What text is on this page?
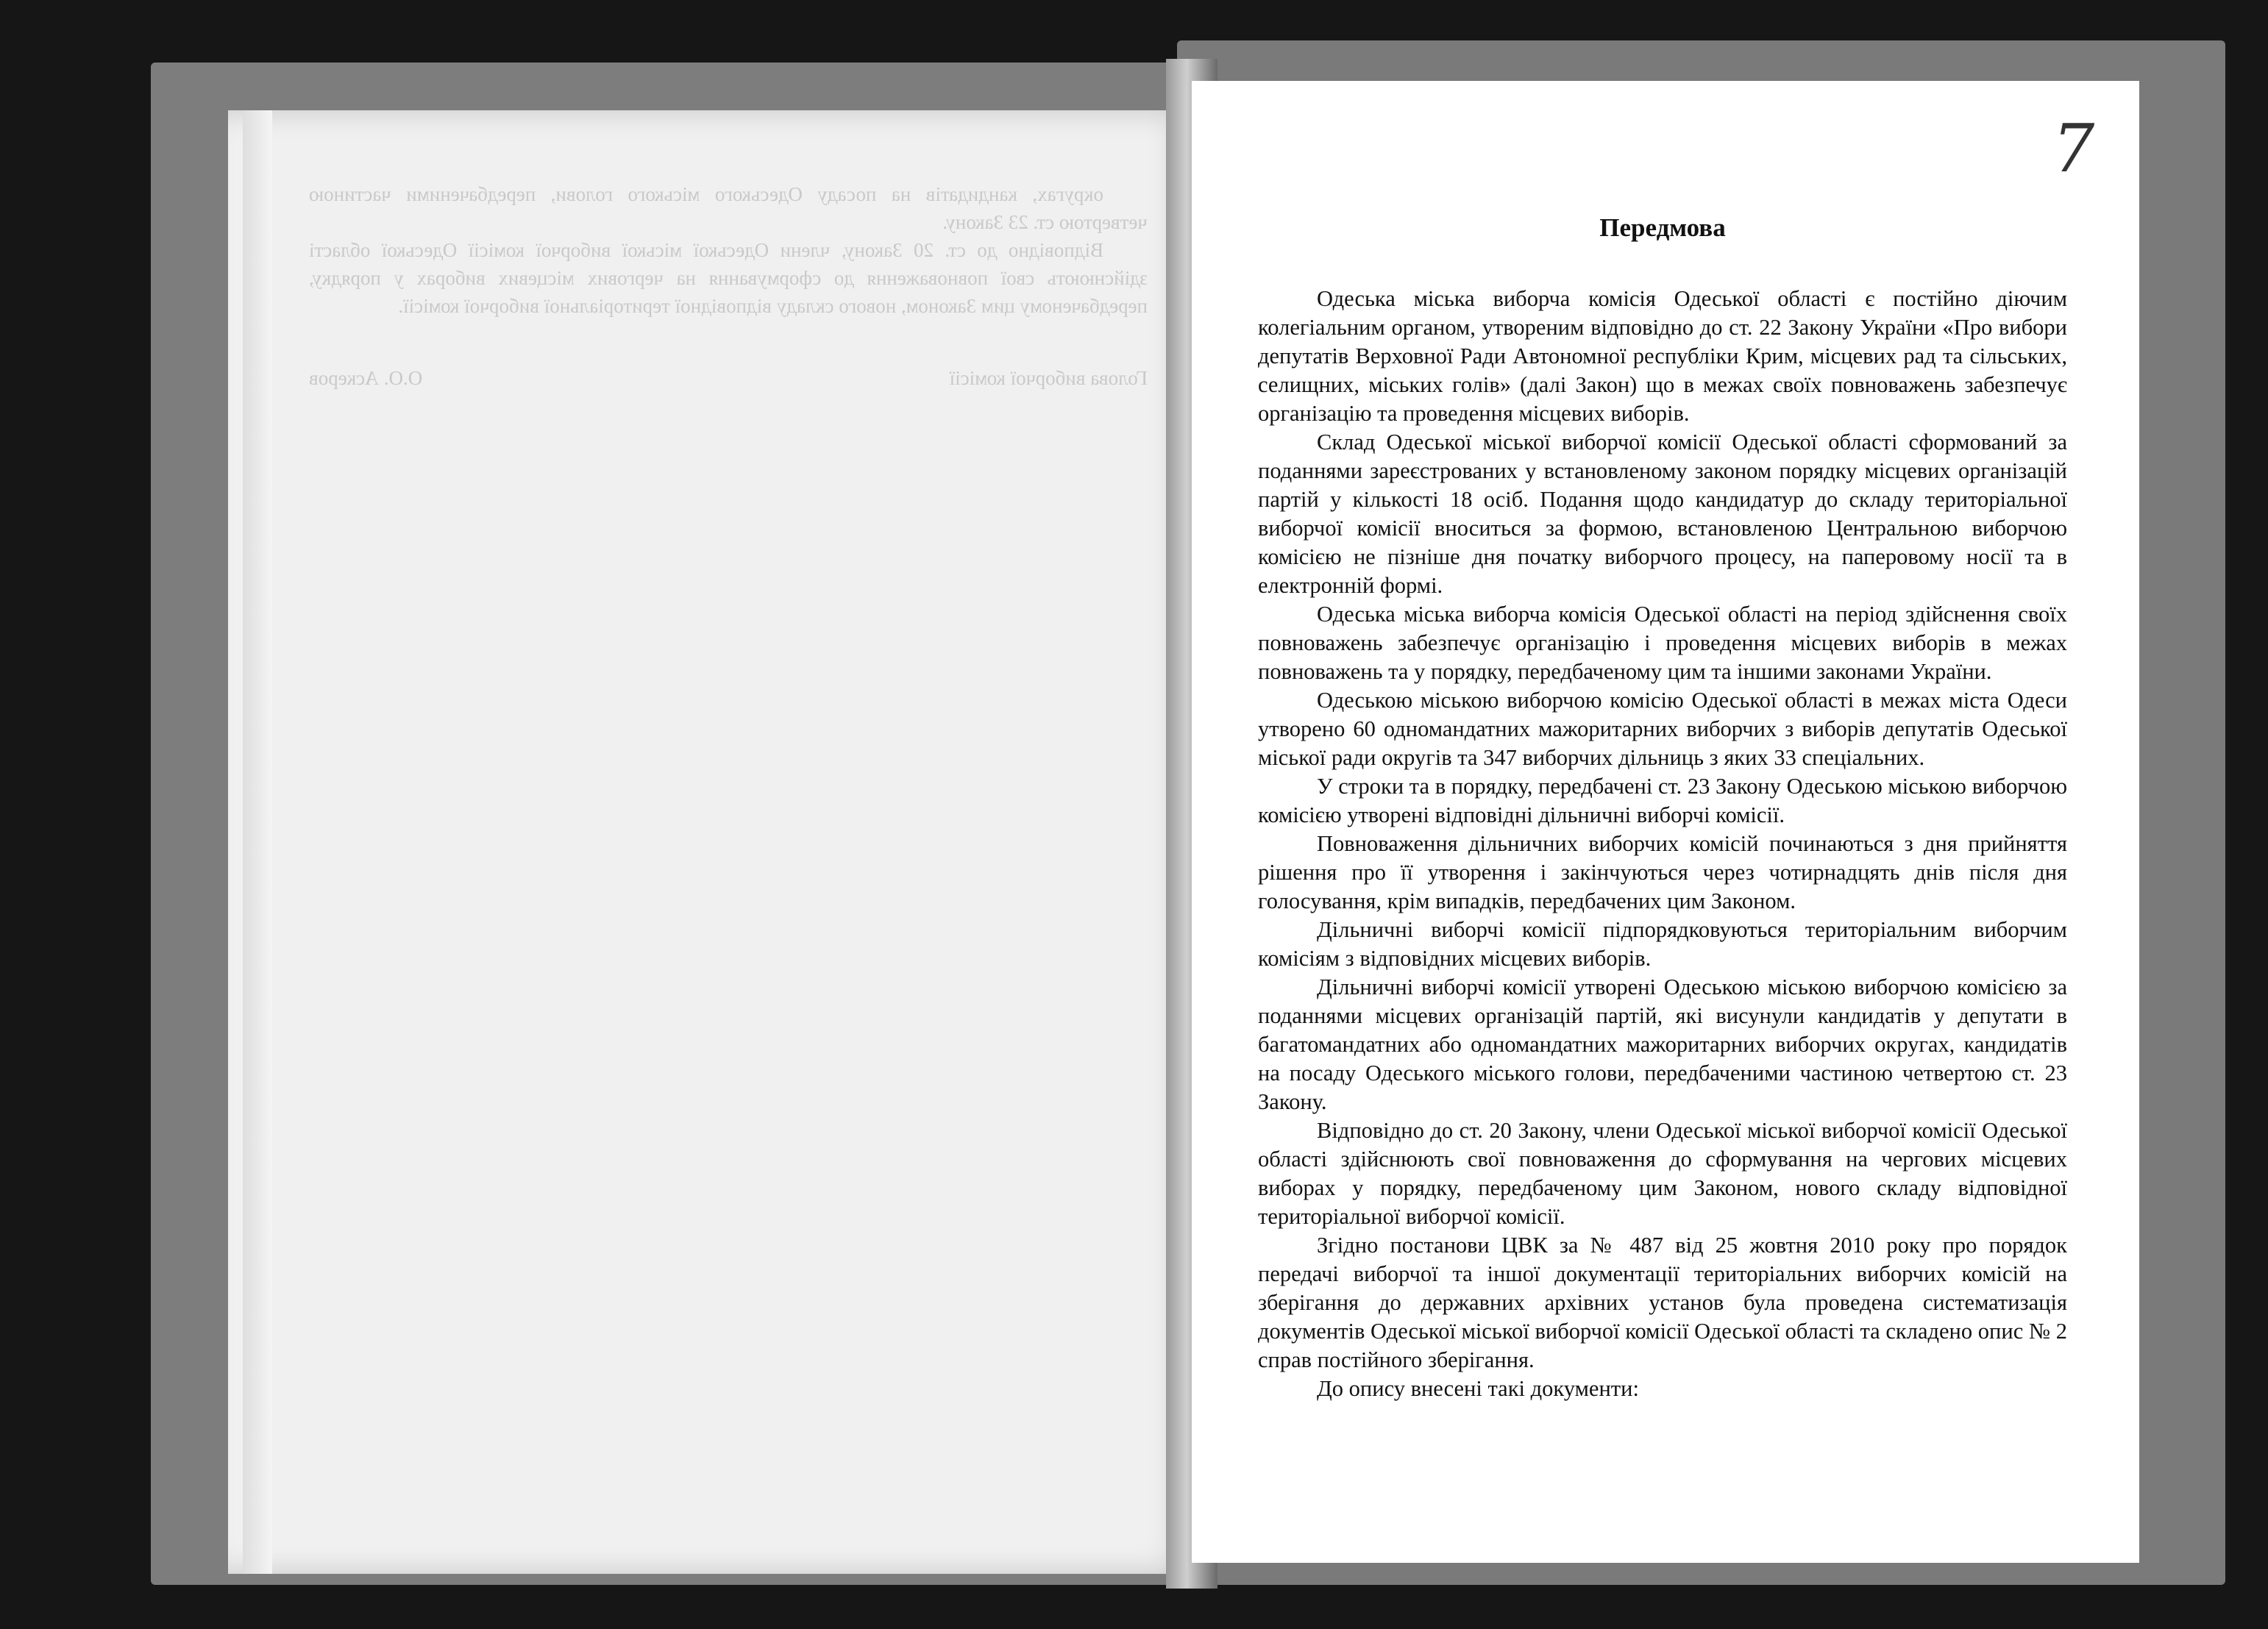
округах, кандидатів на посаду Одеського міського голови, передбаченими частиною четвертою ст. 23 Закону.

Відповідно до ст. 20 Закону, члени Одеської міської виборчої комісії Одеської області здійснюють свої повноваження до сформування на чергових місцевих виборах у порядку, передбаченому цим Законом, нового складу відповідної територіальної виборчої комісії.

Голова виборчої комісії
О.О. Аскеров

7
Передмова

Одеська міська виборча комісія Одеської області є постійно діючим колегіальним органом, утвореним відповідно до ст. 22 Закону України «Про вибори депутатів Верховної Ради Автономної республіки Крим, місцевих рад та сільських, селищних, міських голів» (далі Закон) що в межах своїх повноважень забезпечує організацію та проведення місцевих виборів.

Склад Одеської міської виборчої комісії Одеської області сформований за поданнями зареєстрованих у встановленому законом порядку місцевих організацій партій у кількості 18 осіб. Подання щодо кандидатур до складу територіальної виборчої комісії вноситься за формою, встановленою Центральною виборчою комісією не пізніше дня початку виборчого процесу, на паперовому носії та в електронній формі.

Одеська міська виборча комісія Одеської області на період здійснення своїх повноважень забезпечує організацію і проведення місцевих виборів в межах повноважень та у порядку, передбаченому цим та іншими законами України.

Одеською міською виборчою комісію Одеської області в межах міста Одеси утворено 60 одномандатних мажоритарних виборчих з виборів депутатів Одеської міської ради округів та 347 виборчих дільниць з яких 33 спеціальних.

У строки та в порядку, передбачені ст. 23 Закону Одеською міською виборчою комісією утворені відповідні дільничні виборчі комісії.

Повноваження дільничних виборчих комісій починаються з дня прийняття рішення про її утворення і закінчуються через чотирнадцять днів після дня голосування, крім випадків, передбачених цим Законом.

Дільничні виборчі комісії підпорядковуються територіальним виборчим комісіям з відповідних місцевих виборів.

Дільничні виборчі комісії утворені Одеською міською виборчою комісією за поданнями місцевих організацій партій, які висунули кандидатів у депутати в багатомандатних або одномандатних мажоритарних виборчих округах, кандидатів на посаду Одеського міського голови, передбаченими частиною четвертою ст. 23 Закону.

Відповідно до ст. 20 Закону, члени Одеської міської виборчої комісії Одеської області здійснюють свої повноваження до сформування на чергових місцевих виборах у порядку, передбаченому цим Законом, нового складу відповідної територіальної виборчої комісії.

Згідно постанови ЦВК за № 487 від 25 жовтня 2010 року про порядок передачі виборчої та іншої документації територіальних виборчих комісій на зберігання до державних архівних установ була проведена систематизація документів Одеської міської виборчої комісії Одеської області та складено опис № 2 справ постійного зберігання.

До опису внесені такі документи:
